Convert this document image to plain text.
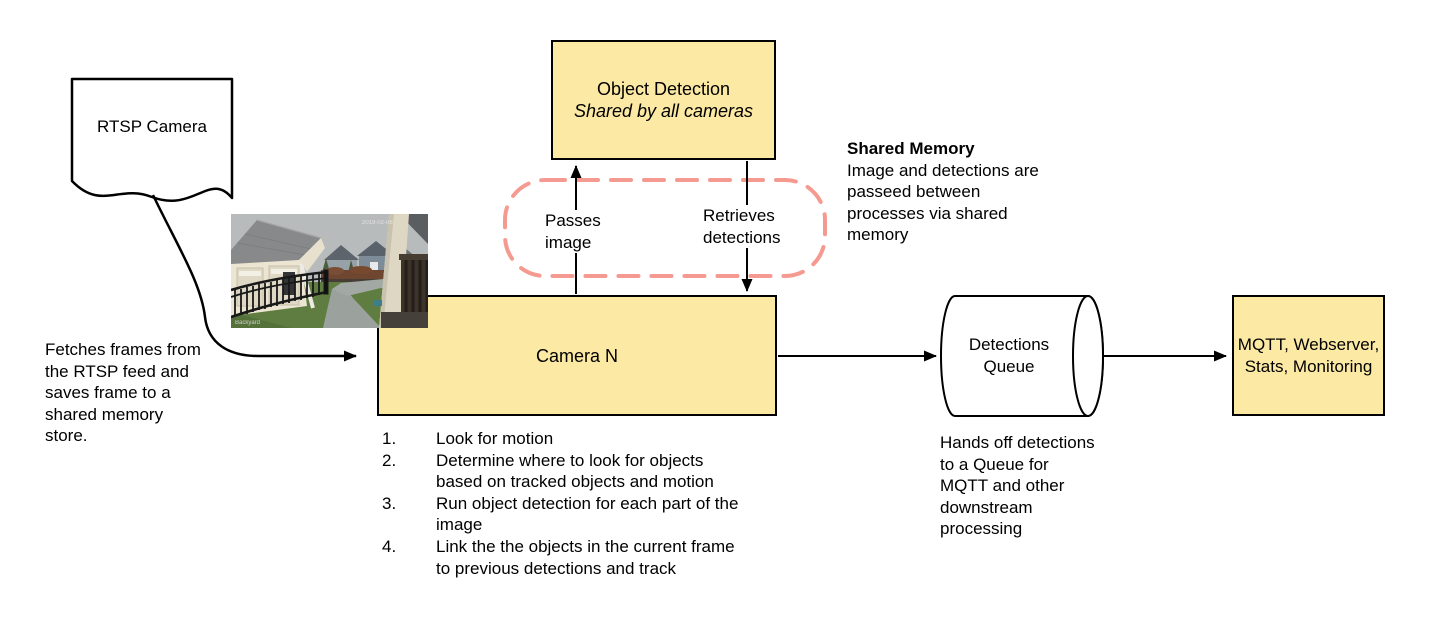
RTSP Camera
Fetches frames from
the RTSP feed and
saves frame to a
shared memory
store.
Object Detection
Shared by all cameras
Shared Memory
Image and detections are
passeed between
processes via shared
memory
Passes
image
Retrieves
detections
Camera N
1.	Look for motion
2.	Determine where to look for objects
based on tracked objects and motion
3.	Run object detection for each part of the
image
4.	Link the the objects in the current frame
to previous detections and track
Detections
Queue
Hands off detections
to a Queue for
MQTT and other
downstream
processing
MQTT, Webserver,
Stats, Monitoring
2019-02-06
Backyard
